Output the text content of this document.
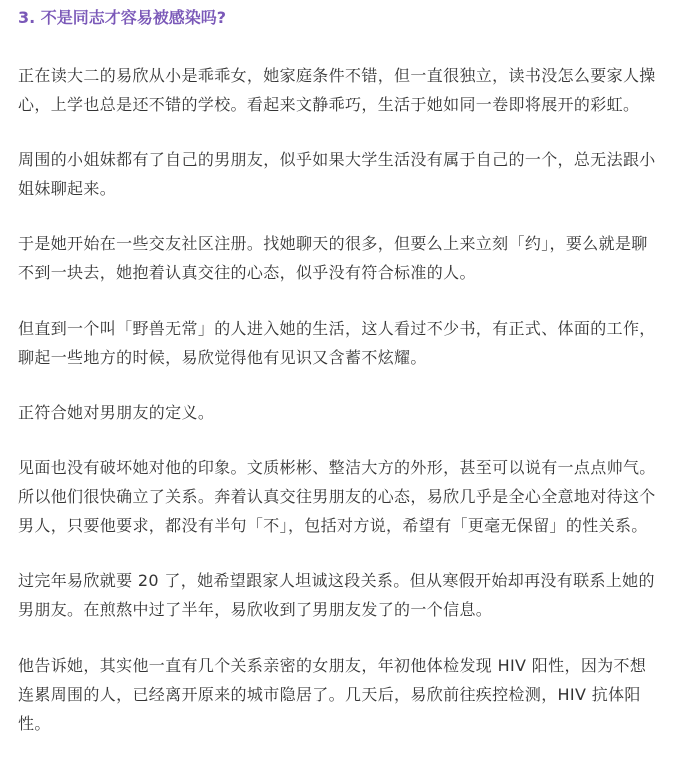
3. 不是同志才容易被感染吗?

正在读大二的易欣从小是乖乖女，她家庭条件不错，但一直很独立，读书没怎么要家人操
心，上学也总是还不错的学校。看起来文静乖巧，生活于她如同一卷即将展开的彩虹。

周围的小姐妹都有了自己的男朋友，似乎如果大学生活没有属于自己的一个，总无法跟小
姐妹聊起来。

于是她开始在一些交友社区注册。找她聊天的很多，但要么上来立刻「约」，要么就是聊
不到一块去，她抱着认真交往的心态，似乎没有符合标准的人。

但直到一个叫「野兽无常」的人进入她的生活，这人看过不少书，有正式、体面的工作，
聊起一些地方的时候，易欣觉得他有见识又含蓄不炫耀。

正符合她对男朋友的定义。

见面也没有破坏她对他的印象。文质彬彬、整洁大方的外形，甚至可以说有一点点帅气。
所以他们很快确立了关系。奔着认真交往男朋友的心态，易欣几乎是全心全意地对待这个
男人，只要他要求，都没有半句「不」，包括对方说，希望有「更毫无保留」的性关系。

过完年易欣就要 20 了，她希望跟家人坦诚这段关系。但从寒假开始却再没有联系上她的
男朋友。在煎熬中过了半年，易欣收到了男朋友发了的一个信息。

他告诉她，其实他一直有几个关系亲密的女朋友，年初他体检发现 HIV 阳性，因为不想
连累周围的人，已经离开原来的城市隐居了。几天后，易欣前往疾控检测，HIV 抗体阳
性。
